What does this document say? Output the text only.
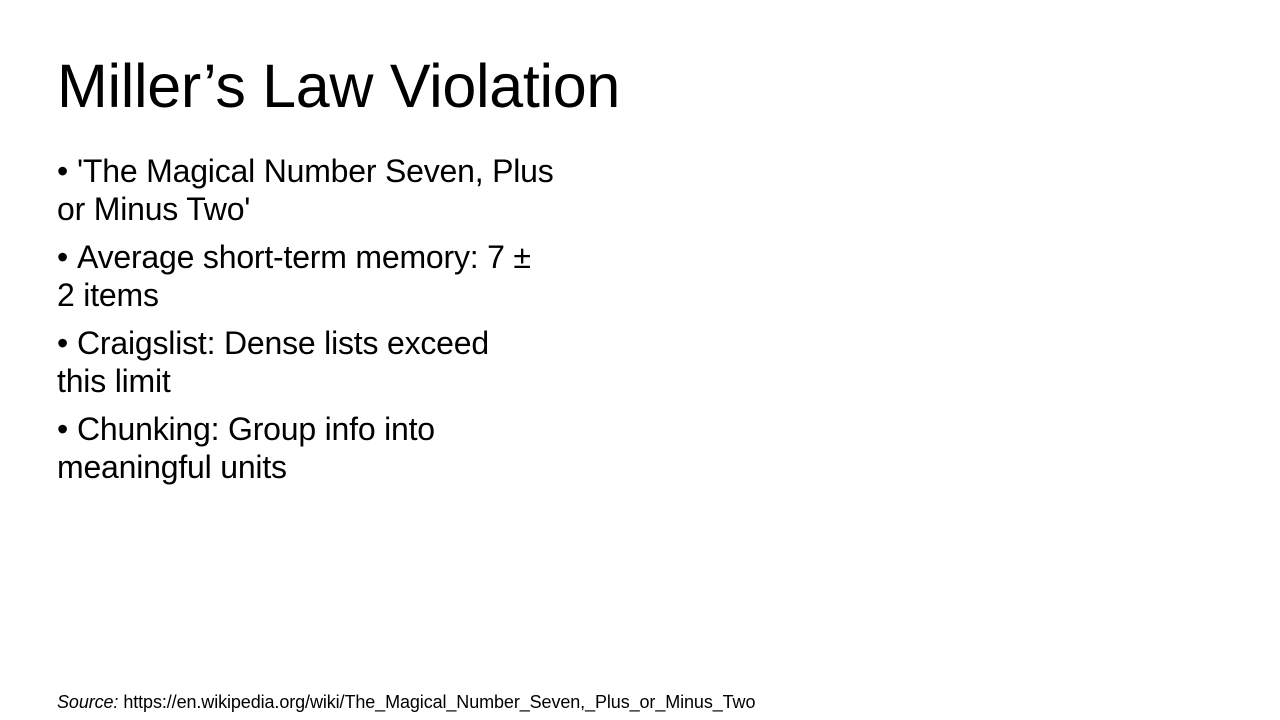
Miller’s Law Violation

• 'The Magical Number Seven, Plus
or Minus Two'

• Average short-term memory: 7 ±
2 items

• Craigslist: Dense lists exceed
this limit

• Chunking: Group info into
meaningful units

Source: https://en.wikipedia.org/wiki/The_Magical_Number_Seven,_Plus_or_Minus_Two
